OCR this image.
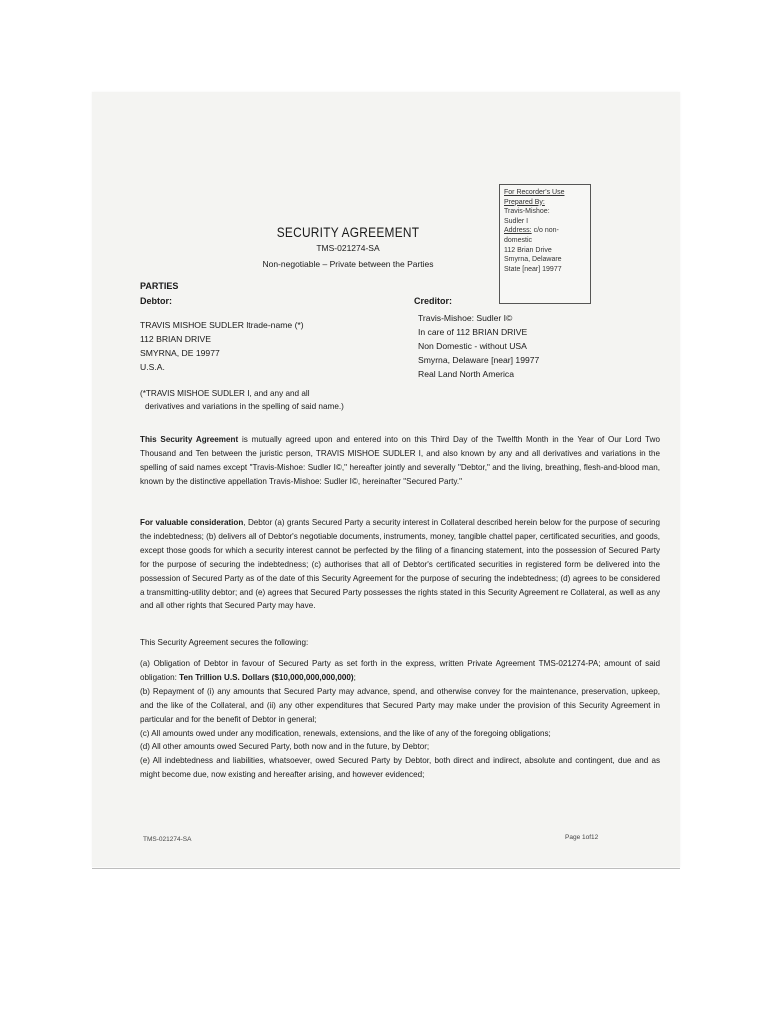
For Recorder's Use
Prepared By:
Travis-Mishoe:
Sudler I
Address: c/o non-
domestic
112 Brian Drive
Smyrna, Delaware
State [near] 19977
SECURITY AGREEMENT
TMS-021274-SA
Non-negotiable – Private between the Parties
PARTIES
Debtor:	Creditor:
TRAVIS MISHOE SUDLER ltrade-name (*)
112 BRIAN DRIVE
SMYRNA, DE 19977
U.S.A.
Travis-Mishoe: Sudler I©
In care of 112 BRIAN DRIVE
Non Domestic - without USA
Smyrna, Delaware [near] 19977
Real Land North America
(*TRAVIS MISHOE SUDLER I, and any and all
derivatives and variations in the spelling of said name.)
This Security Agreement is mutually agreed upon and entered into on this Third Day of the Twelfth Month in the Year of Our Lord Two Thousand and Ten between the juristic person, TRAVIS MISHOE SUDLER I, and also known by any and all derivatives and variations in the spelling of said names except "Travis-Mishoe: Sudler I©," hereafter jointly and severally "Debtor," and the living, breathing, flesh-and-blood man, known by the distinctive appellation Travis-Mishoe: Sudler I©, hereinafter "Secured Party."
For valuable consideration, Debtor (a) grants Secured Party a security interest in Collateral described herein below for the purpose of securing the indebtedness; (b) delivers all of Debtor's negotiable documents, instruments, money, tangible chattel paper, certificated securities, and goods, except those goods for which a security interest cannot be perfected by the filing of a financing statement, into the possession of Secured Party for the purpose of securing the indebtedness; (c) authorises that all of Debtor's certificated securities in registered form be delivered into the possession of Secured Party as of the date of this Security Agreement for the purpose of securing the indebtedness; (d) agrees to be considered a transmitting-utility debtor; and (e) agrees that Secured Party possesses the rights stated in this Security Agreement re Collateral, as well as any and all other rights that Secured Party may have.
This Security Agreement secures the following:
(a) Obligation of Debtor in favour of Secured Party as set forth in the express, written Private Agreement TMS-021274-PA; amount of said obligation: Ten Trillion U.S. Dollars ($10,000,000,000,000);
(b) Repayment of (i) any amounts that Secured Party may advance, spend, and otherwise convey for the maintenance, preservation, upkeep, and the like of the Collateral, and (ii) any other expenditures that Secured Party may make under the provision of this Security Agreement in particular and for the benefit of Debtor in general;
(c) All amounts owed under any modification, renewals, extensions, and the like of any of the foregoing obligations;
(d) All other amounts owed Secured Party, both now and in the future, by Debtor;
(e) All indebtedness and liabilities, whatsoever, owed Secured Party by Debtor, both direct and indirect, absolute and contingent, due and as might become due, now existing and hereafter arising, and however evidenced;
TMS-021274-SA	Page 1of12
